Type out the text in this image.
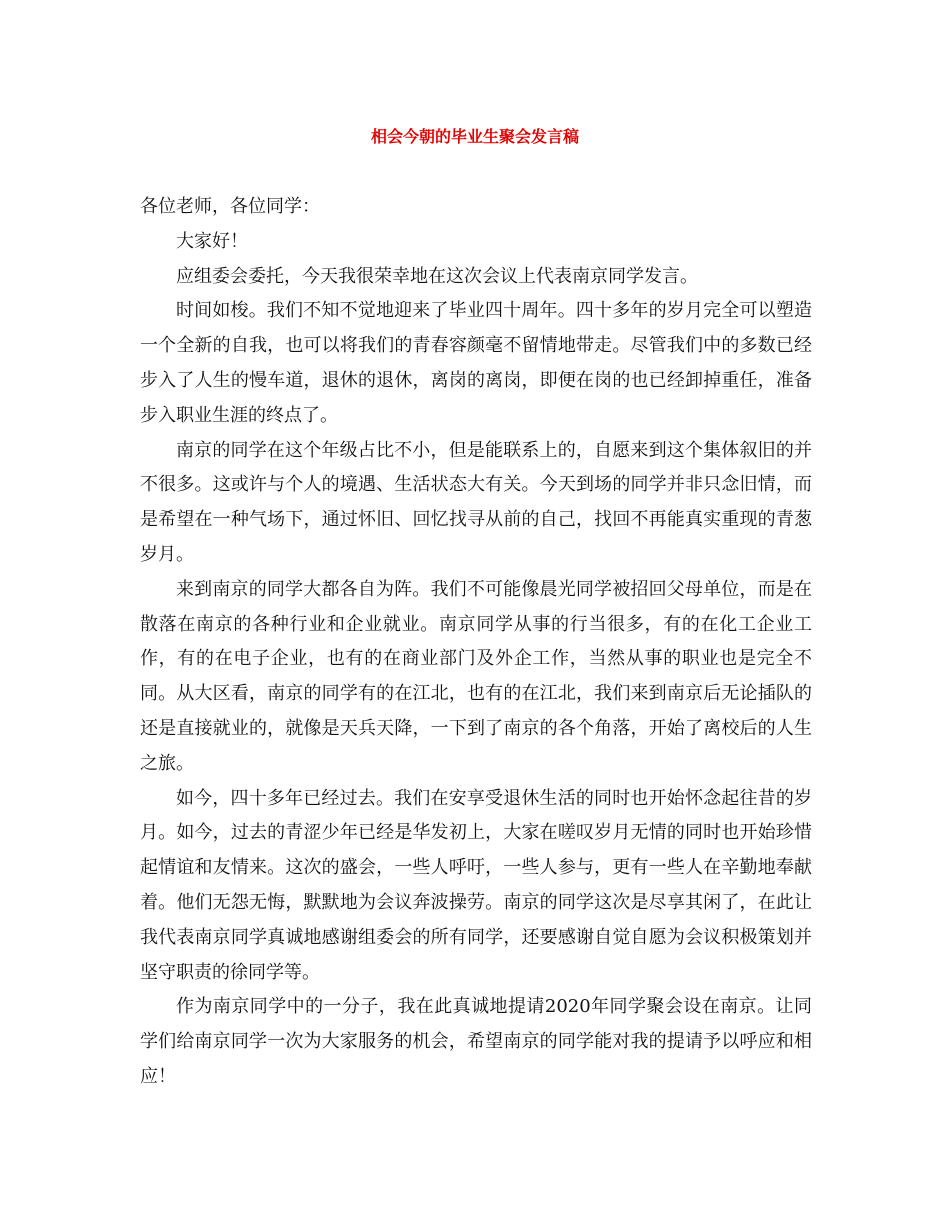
相会今朝的毕业生聚会发言稿

各位老师，各位同学：

大家好！

应组委会委托，今天我很荣幸地在这次会议上代表南京同学发言。

时间如梭。我们不知不觉地迎来了毕业四十周年。四十多年的岁月完全可以塑造一个全新的自我，也可以将我们的青春容颜毫不留情地带走。尽管我们中的多数已经步入了人生的慢车道，退休的退休，离岗的离岗，即便在岗的也已经卸掉重任，准备步入职业生涯的终点了。

南京的同学在这个年级占比不小，但是能联系上的，自愿来到这个集体叙旧的并不很多。这或许与个人的境遇、生活状态大有关。今天到场的同学并非只念旧情，而是希望在一种气场下，通过怀旧、回忆找寻从前的自己，找回不再能真实重现的青葱岁月。

来到南京的同学大都各自为阵。我们不可能像晨光同学被招回父母单位，而是在散落在南京的各种行业和企业就业。南京同学从事的行当很多，有的在化工企业工作，有的在电子企业，也有的在商业部门及外企工作，当然从事的职业也是完全不同。从大区看，南京的同学有的在江北，也有的在江北，我们来到南京后无论插队的还是直接就业的，就像是天兵天降，一下到了南京的各个角落，开始了离校后的人生之旅。

如今，四十多年已经过去。我们在安享受退休生活的同时也开始怀念起往昔的岁月。如今，过去的青涩少年已经是华发初上，大家在嗟叹岁月无情的同时也开始珍惜起情谊和友情来。这次的盛会，一些人呼吁，一些人参与，更有一些人在辛勤地奉献着。他们无怨无悔，默默地为会议奔波操劳。南京的同学这次是尽享其闲了，在此让我代表南京同学真诚地感谢组委会的所有同学，还要感谢自觉自愿为会议积极策划并坚守职责的徐同学等。

作为南京同学中的一分子，我在此真诚地提请2020年同学聚会设在南京。让同学们给南京同学一次为大家服务的机会，希望南京的同学能对我的提请予以呼应和相应！
